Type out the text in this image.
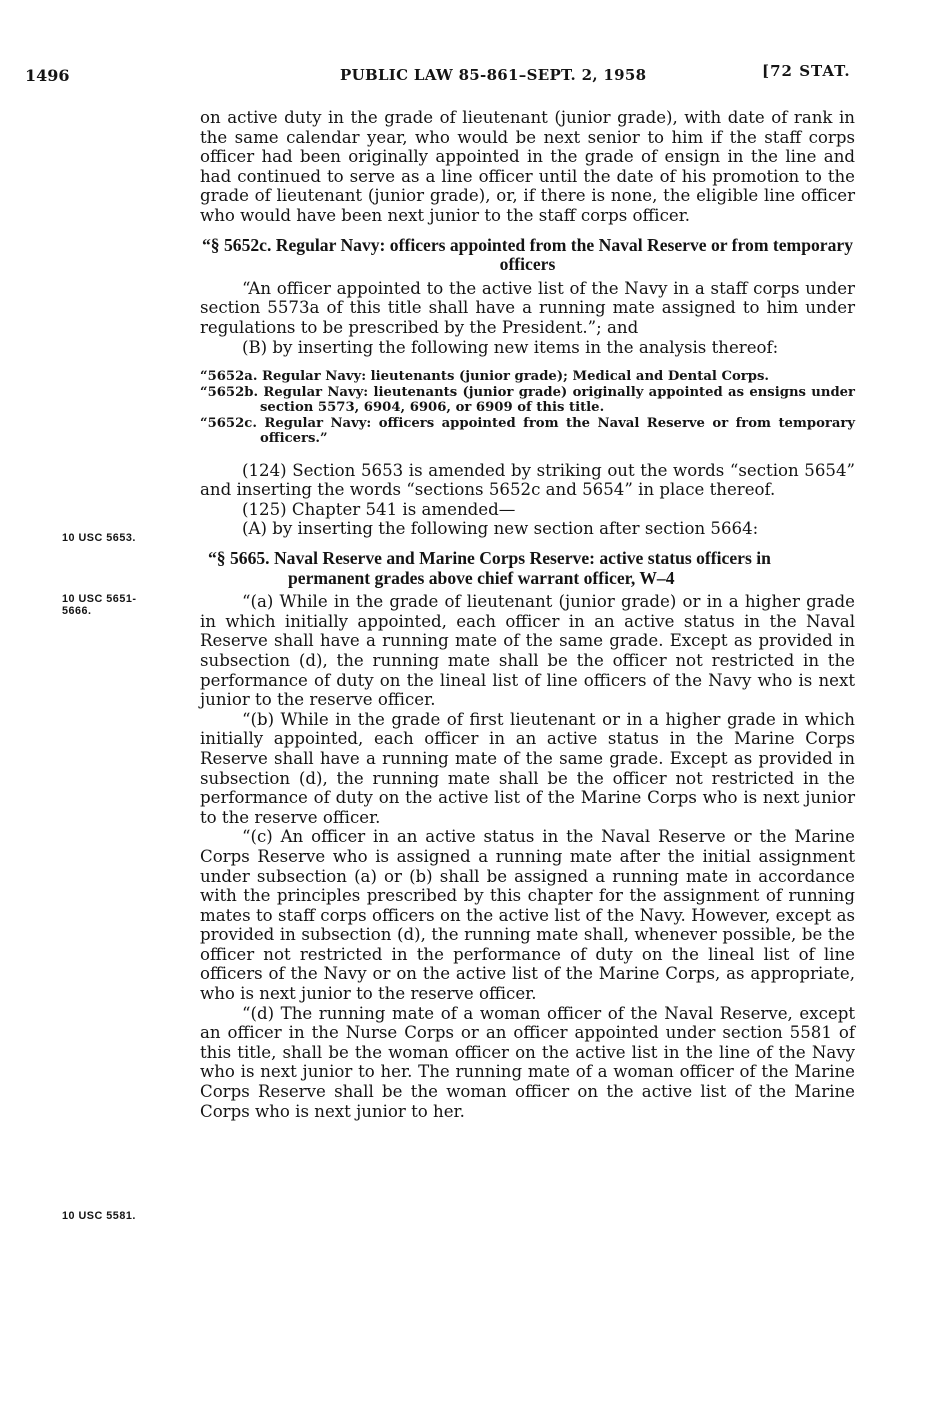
1496	PUBLIC LAW 85-861–SEPT. 2, 1958	[72 STAT.
10 USC 5653.
10 USC 5651-5666.
10 USC 5581.

on active duty in the grade of lieutenant (junior grade), with date of rank in the same calendar year, who would be next senior to him if the staff corps officer had been originally appointed in the grade of ensign in the line and had continued to serve as a line officer until the date of his promotion to the grade of lieutenant (junior grade), or, if there is none, the eligible line officer who would have been next junior to the staff corps officer.

“§ 5652c. Regular Navy: officers appointed from the Naval Reserve or from temporary officers

“An officer appointed to the active list of the Navy in a staff corps under section 5573a of this title shall have a running mate assigned to him under regulations to be prescribed by the President.”; and

(B) by inserting the following new items in the analysis thereof:

“5652a. Regular Navy: lieutenants (junior grade); Medical and Dental Corps.
“5652b. Regular Navy: lieutenants (junior grade) originally appointed as ensigns under section 5573, 6904, 6906, or 6909 of this title.
“5652c. Regular Navy: officers appointed from the Naval Reserve or from temporary officers.”

(124) Section 5653 is amended by striking out the words “section 5654” and inserting the words “sections 5652c and 5654” in place thereof.

(125) Chapter 541 is amended—

(A) by inserting the following new section after section 5664:

“§ 5665. Naval Reserve and Marine Corps Reserve: active status officers in permanent grades above chief warrant officer, W–4

“(a) While in the grade of lieutenant (junior grade) or in a higher grade in which initially appointed, each officer in an active status in the Naval Reserve shall have a running mate of the same grade. Except as provided in subsection (d), the running mate shall be the officer not restricted in the performance of duty on the lineal list of line officers of the Navy who is next junior to the reserve officer.

“(b) While in the grade of first lieutenant or in a higher grade in which initially appointed, each officer in an active status in the Marine Corps Reserve shall have a running mate of the same grade. Except as provided in subsection (d), the running mate shall be the officer not restricted in the performance of duty on the active list of the Marine Corps who is next junior to the reserve officer.

“(c) An officer in an active status in the Naval Reserve or the Marine Corps Reserve who is assigned a running mate after the initial assignment under subsection (a) or (b) shall be assigned a running mate in accordance with the principles prescribed by this chapter for the assignment of running mates to staff corps officers on the active list of the Navy. However, except as provided in subsection (d), the running mate shall, whenever possible, be the officer not restricted in the performance of duty on the lineal list of line officers of the Navy or on the active list of the Marine Corps, as appropriate, who is next junior to the reserve officer.

“(d) The running mate of a woman officer of the Naval Reserve, except an officer in the Nurse Corps or an officer appointed under section 5581 of this title, shall be the woman officer on the active list in the line of the Navy who is next junior to her. The running mate of a woman officer of the Marine Corps Reserve shall be the woman officer on the active list of the Marine Corps who is next junior to her.
